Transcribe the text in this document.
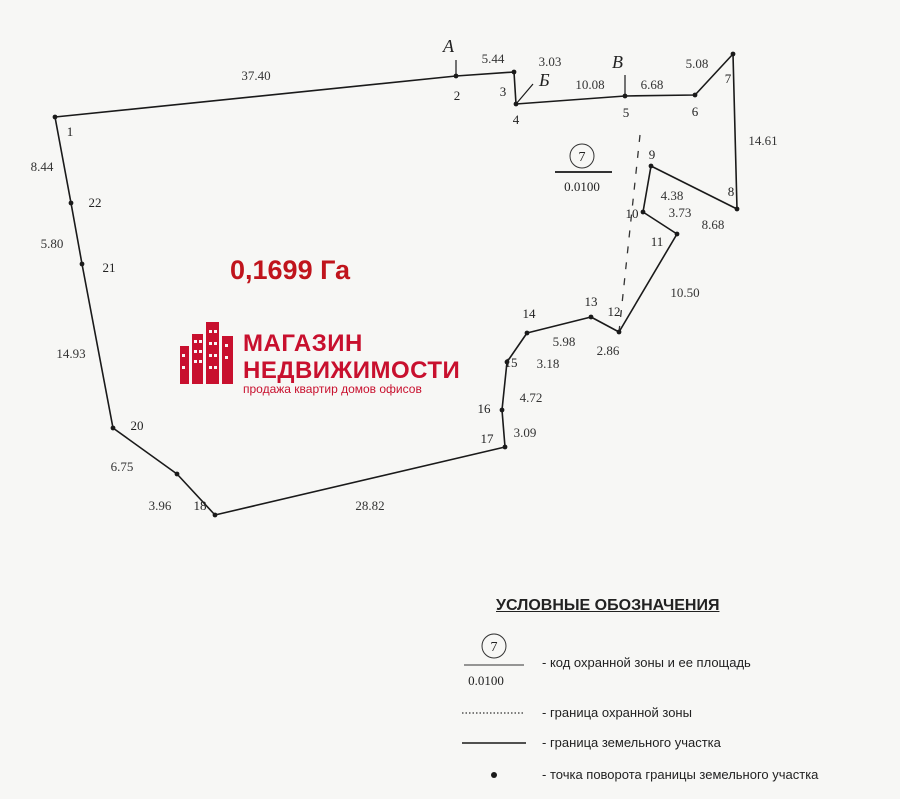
1
2	3
4	5	6
7
8
9
10
11
12
13
14
15
16
17
18
20
21
22
37.40
5.44	3.03
10.08	6.68
5.08
14.61
8.68
4.38
3.73
10.50
2.86
5.98
3.18
4.72
3.09
28.82
3.96
6.75
14.93
5.80
8.44
А
Б
В
7
0.0100
0,1699 Га
МАГАЗИН
НЕДВИЖИМОСТИ
продажа квартир домов офисов
УСЛОВНЫЕ ОБОЗНАЧЕНИЯ
7
0.0100
- код охранной зоны и ее площадь
- граница охранной зоны
- граница земельного участка
- точка поворота границы земельного участка
